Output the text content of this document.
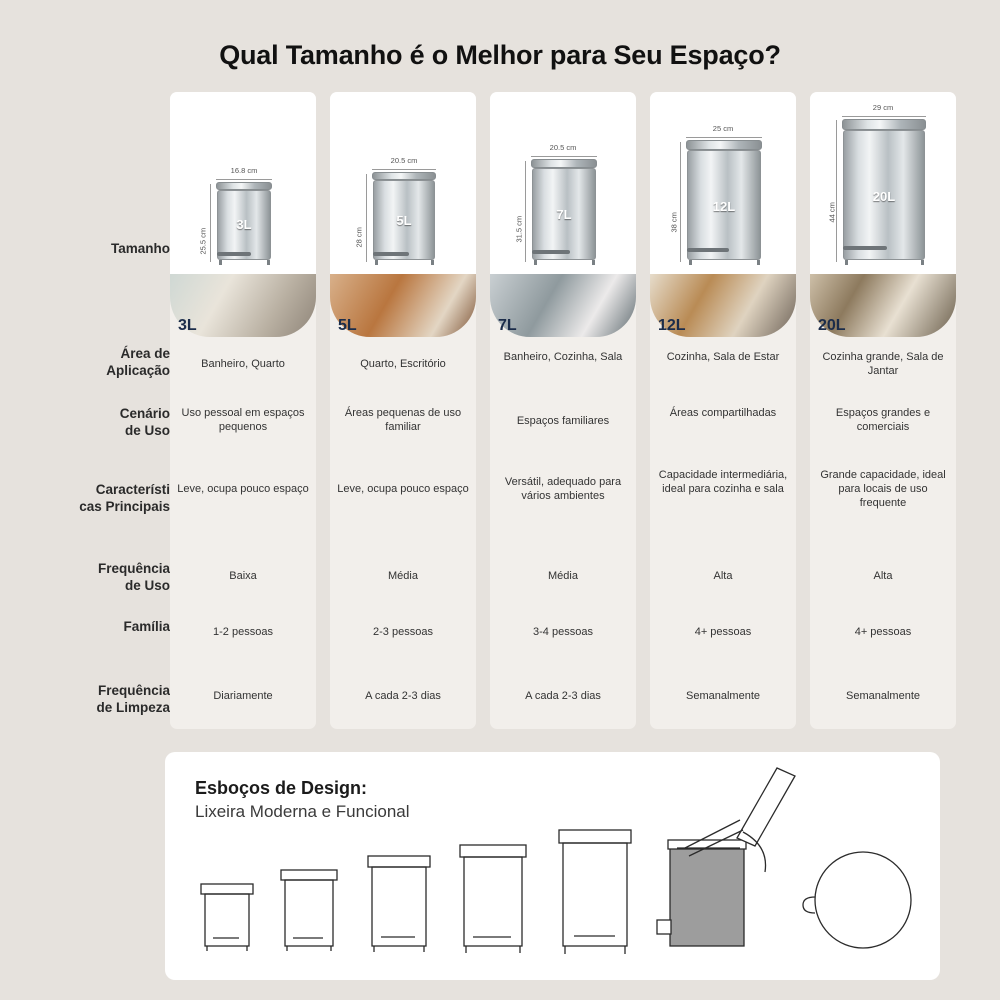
Qual Tamanho é o Melhor para Seu Espaço?
Tamanho
Área de
Aplicação
Cenário
de Uso
Característi
cas Principais
Frequência
de Uso
Família
Frequência
de Limpeza
16.8 cm
25.5 cm
3L
3L
Banheiro, Quarto
Uso pessoal em espaços pequenos
Leve, ocupa pouco espaço
Baixa
1-2 pessoas
Diariamente
20.5 cm
28 cm
5L
5L
Quarto, Escritório
Áreas pequenas de uso familiar
Leve, ocupa pouco espaço
Média
2-3 pessoas
A cada 2-3 dias
20.5 cm
31.5 cm
7L
7L
Banheiro, Cozinha, Sala
Espaços familiares
Versátil, adequado para vários ambientes
Média
3-4 pessoas
A cada 2-3 dias
25 cm
38 cm
12L
12L
Cozinha, Sala de Estar
Áreas compartilhadas
Capacidade intermediária, ideal para cozinha e sala
Alta
4+ pessoas
Semanalmente
29 cm
44 cm
20L
20L
Cozinha grande, Sala de Jantar
Espaços grandes e comerciais
Grande capacidade, ideal para locais de uso frequente
Alta
4+ pessoas
Semanalmente
Esboços de Design:
Lixeira Moderna e Funcional
